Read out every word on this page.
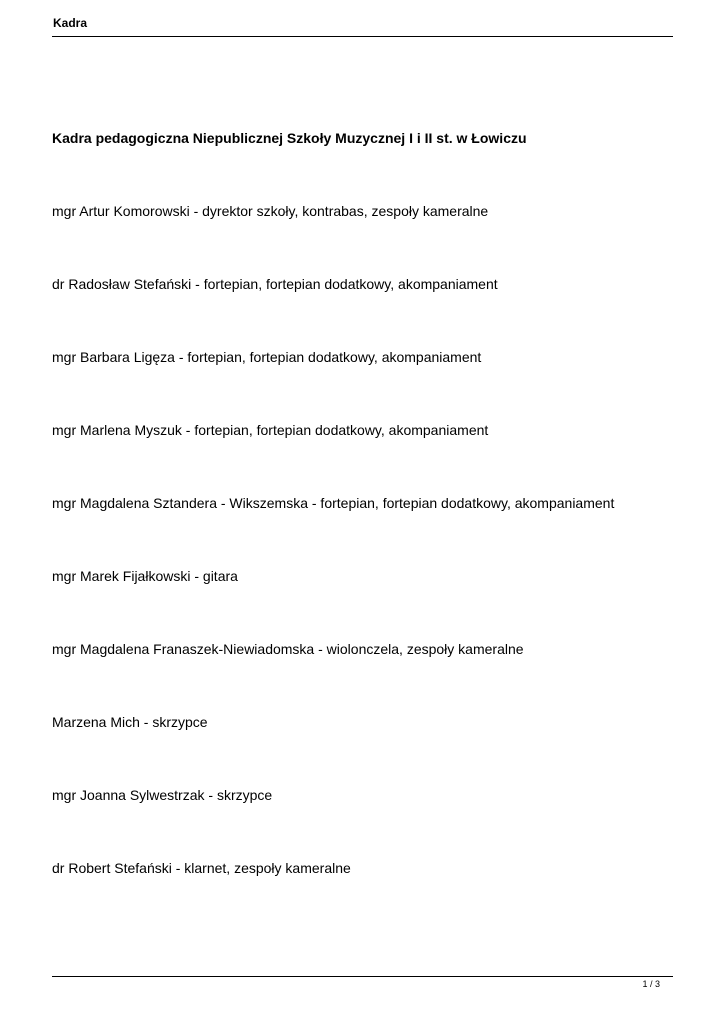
Kadra
Kadra pedagogiczna Niepublicznej Szkoły Muzycznej I i II st. w Łowiczu
mgr Artur Komorowski - dyrektor szkoły, kontrabas, zespoły kameralne
dr Radosław Stefański - fortepian, fortepian dodatkowy, akompaniament
mgr Barbara Ligęza - fortepian, fortepian dodatkowy, akompaniament
mgr Marlena Myszuk - fortepian, fortepian dodatkowy, akompaniament
mgr Magdalena Sztandera - Wikszemska - fortepian, fortepian dodatkowy, akompaniament
mgr Marek Fijałkowski - gitara
mgr Magdalena Franaszek-Niewiadomska - wiolonczela, zespoły kameralne
Marzena Mich - skrzypce
mgr Joanna Sylwestrzak - skrzypce
dr Robert Stefański - klarnet, zespoły kameralne
1 / 3
